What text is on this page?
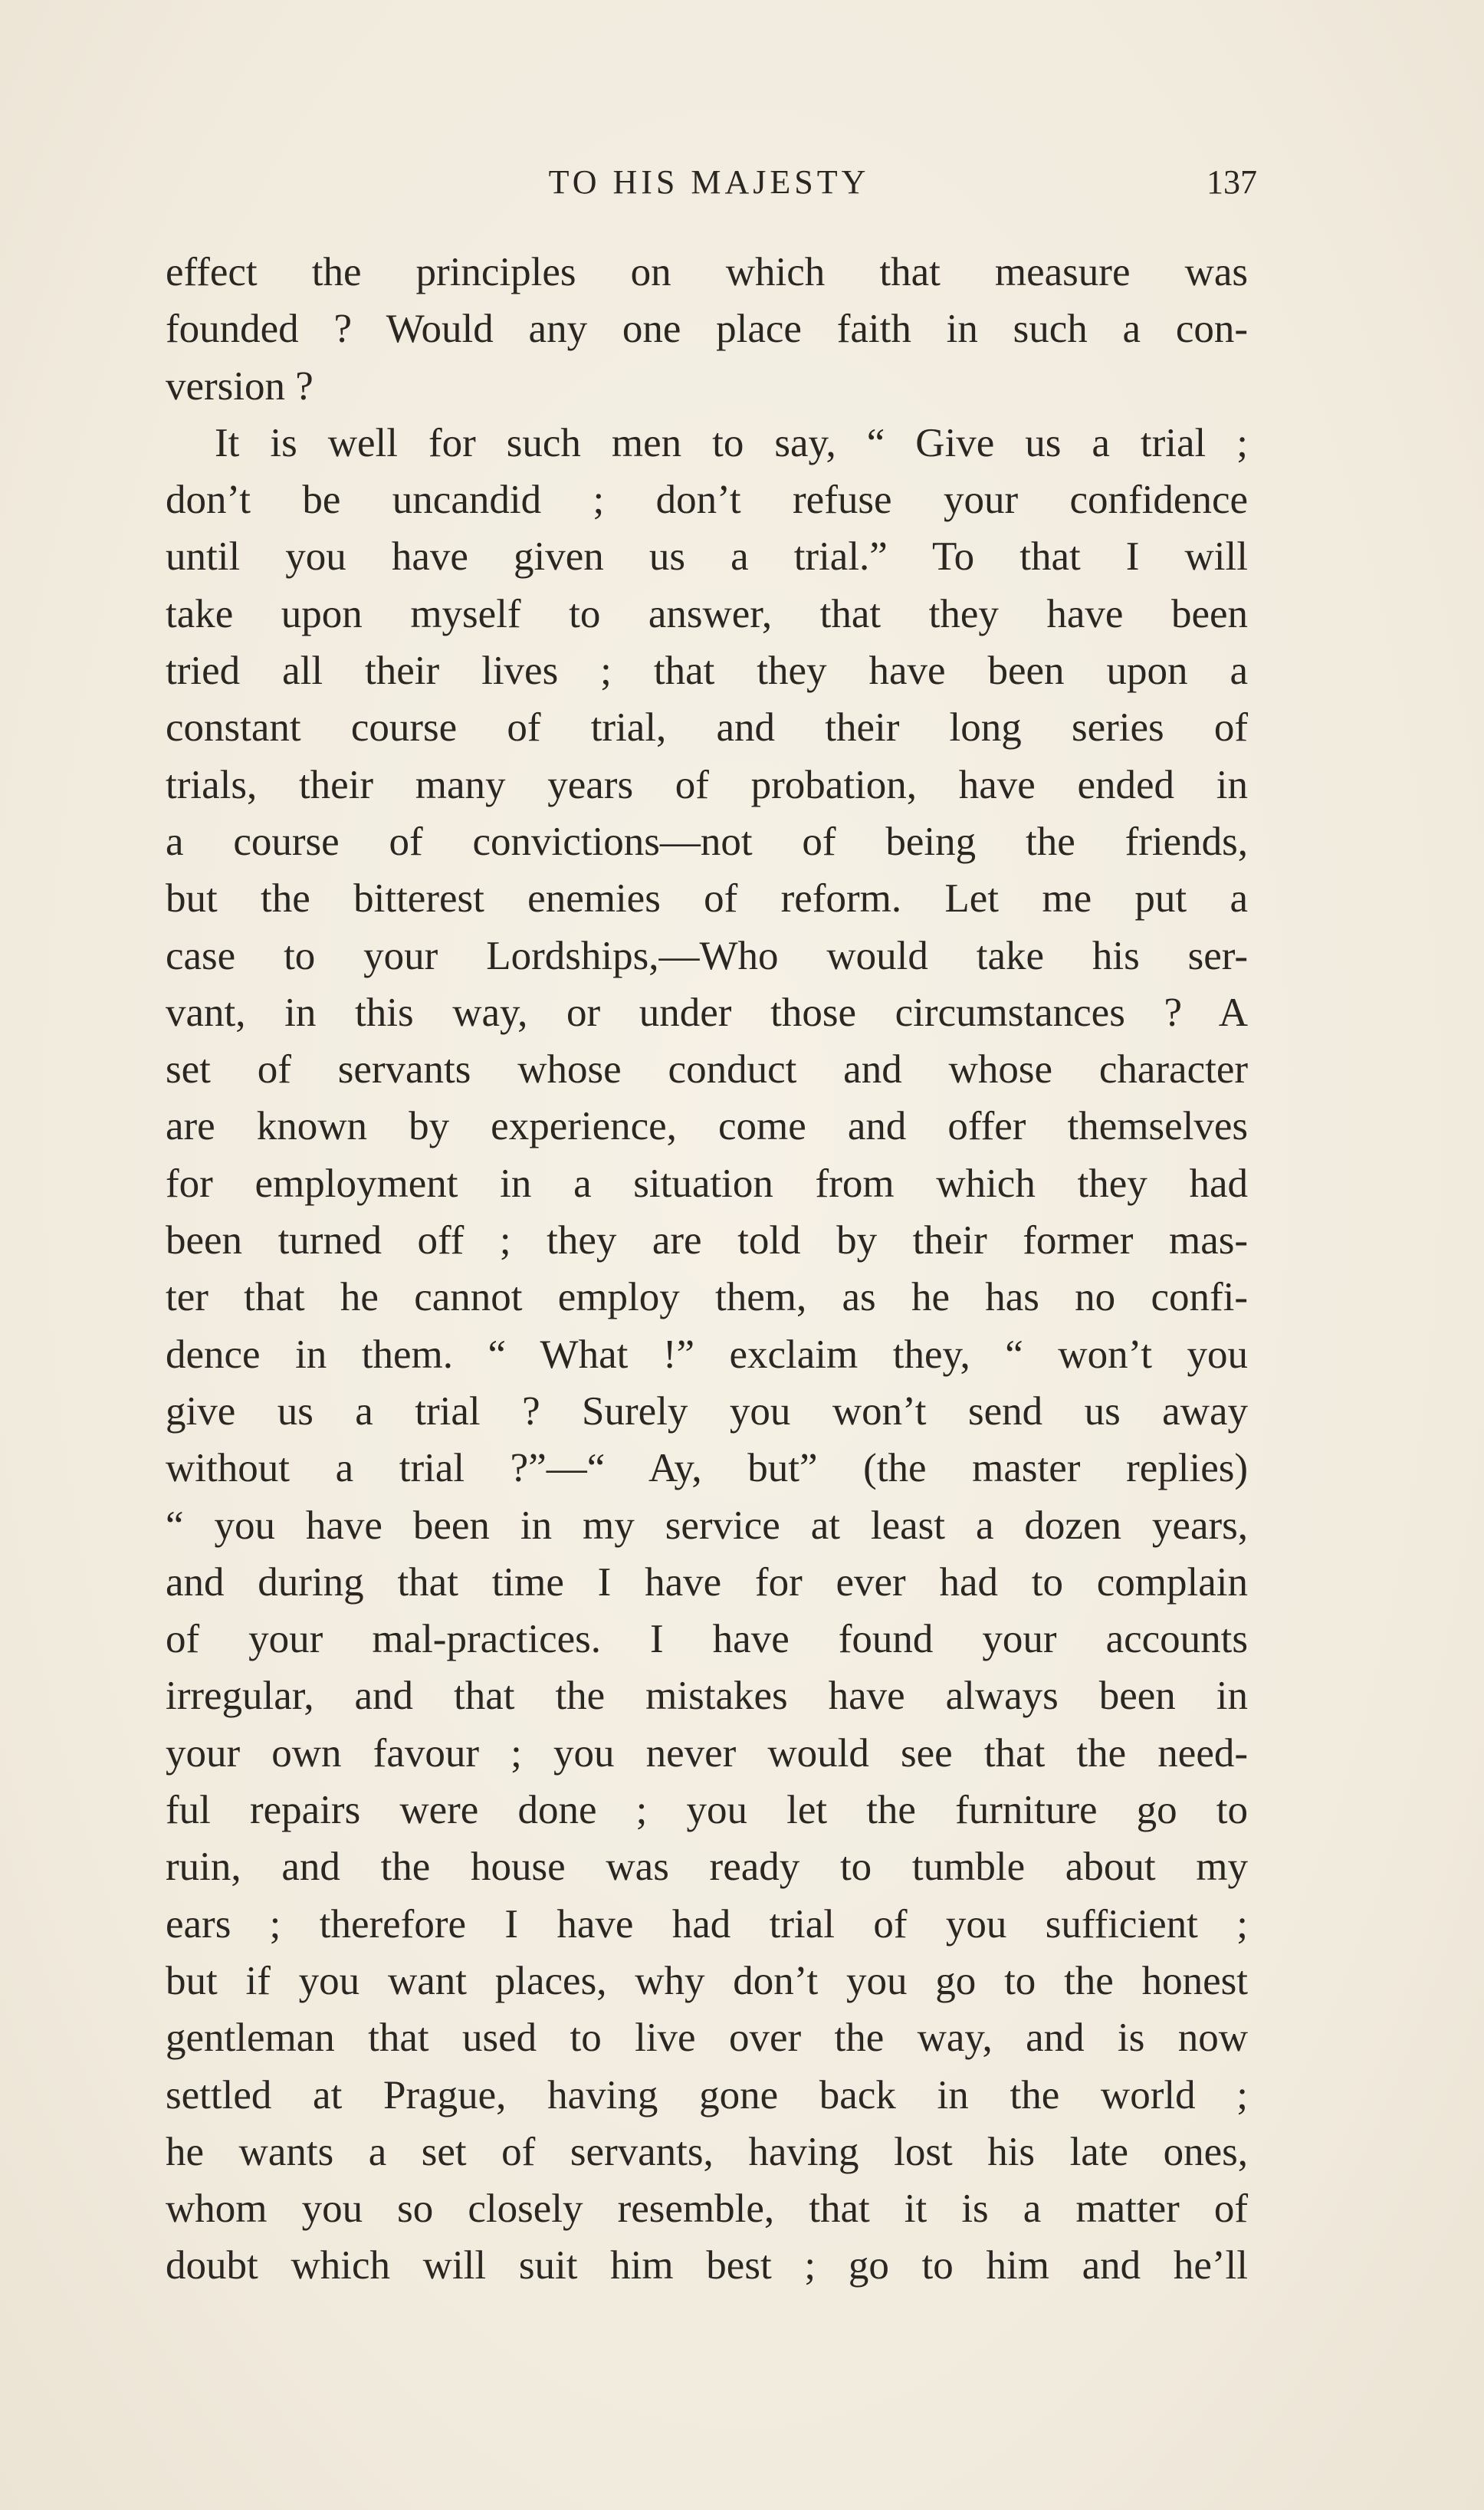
TO HIS MAJESTY	137
effect the principles on which that measure was
founded ? Would any one place faith in such a con-
version ?
It is well for such men to say, “ Give us a trial ;
don’t be uncandid ; don’t refuse your confidence
until you have given us a trial.” To that I will
take upon myself to answer, that they have been
tried all their lives ; that they have been upon a
constant course of trial, and their long series of
trials, their many years of probation, have ended in
a course of convictions—not of being the friends,
but the bitterest enemies of reform. Let me put a
case to your Lordships,—Who would take his ser-
vant, in this way, or under those circumstances ? A
set of servants whose conduct and whose character
are known by experience, come and offer themselves
for employment in a situation from which they had
been turned off ; they are told by their former mas-
ter that he cannot employ them, as he has no confi-
dence in them. “ What !” exclaim they, “ won’t you
give us a trial ? Surely you won’t send us away
without a trial ?”—“ Ay, but” (the master replies)
“ you have been in my service at least a dozen years,
and during that time I have for ever had to complain
of your mal-practices. I have found your accounts
irregular, and that the mistakes have always been in
your own favour ; you never would see that the need-
ful repairs were done ; you let the furniture go to
ruin, and the house was ready to tumble about my
ears ; therefore I have had trial of you sufficient ;
but if you want places, why don’t you go to the honest
gentleman that used to live over the way, and is now
settled at Prague, having gone back in the world ;
he wants a set of servants, having lost his late ones,
whom you so closely resemble, that it is a matter of
doubt which will suit him best ; go to him and he’ll
